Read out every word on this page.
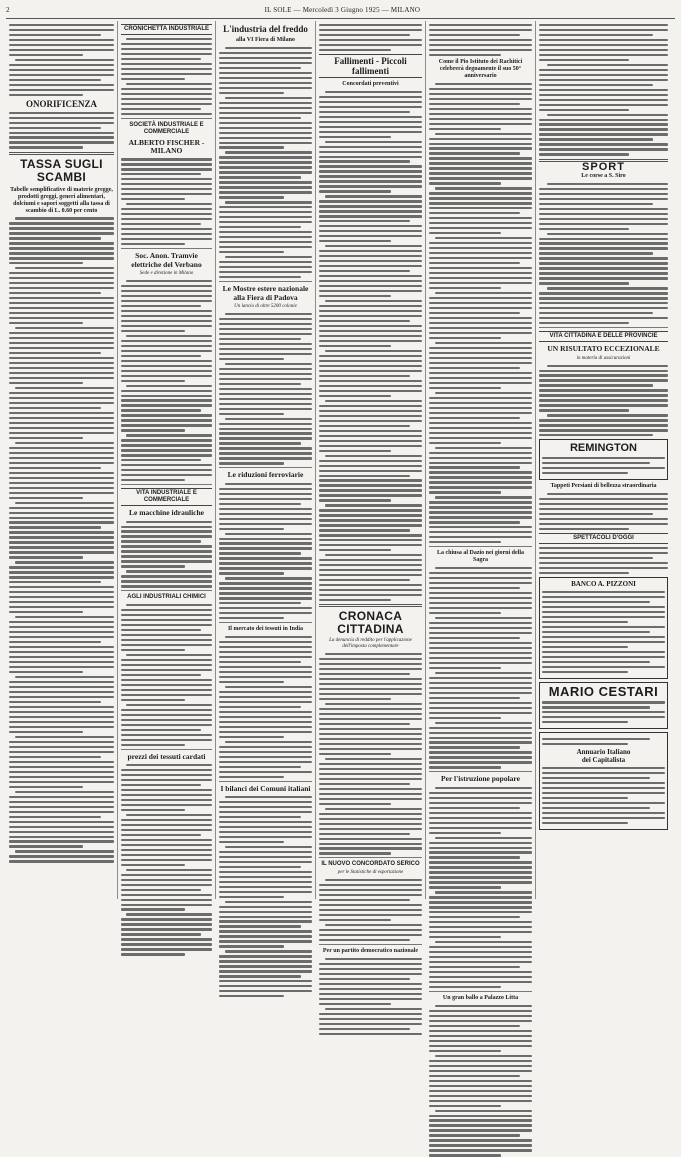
2	IL SOLE — Mercoledì 3 Giugno 1925 — MILANO
ONORIFICENZA
TASSA SUGLI SCAMBI
Tabelle semplificative di materie gregge, prodotti greggi, generi alimentari, dolciumi e sapori soggetti alla tassa di scambio di L. 0.60 per cento
CRONICHETTA INDUSTRIALE
SOCIETÀ INDUSTRIALE E COMMERCIALE
ALBERTO FISCHER - MILANO
Soc. Anon. Tramvie elettriche del Verbano
Sede e direzione in Milano
VITA INDUSTRIALE E COMMERCIALE
Le macchine idrauliche
AGLI INDUSTRIALI CHIMICI
prezzi dei tessuti cardati
L'industria del freddo
alla VI Fiera di Milano
Le Mostre estere nazionale alla Fiera di Padova
Un lancio di oltre 5200 colonie
Le riduzioni ferroviarie
Il mercato dei tessuti in India
I bilanci dei Comuni italiani
Fallimenti - Piccoli fallimenti
Concordati preventivi
CRONACA CITTADINA
La denuncia di reddito per l'applicazione dell'imposta complementare
IL NUOVO CONCORDATO SERICO
per le Statistiche di esportazione
Per un partito democratico nazionale
Come il Pio Istituto dei Rachitici celebrerà degnamente il suo 50° anniversario
La chiusa al Dazio nei giorni della Sagra
Per l'istruzione popolare
Un gran ballo a Palazzo Litta
SPORT
Le corse a S. Siro
VITA CITTADINA E DELLE PROVINCIE
UN RISULTATO ECCEZIONALE
in materia di assicurazioni
REMINGTON
Tappeti Persiani di bellezza straordinaria
SPETTACOLI D'OGGI
BANCO A. PIZZONI
MARIO CESTARI
Annuario Italiano
dei Capitalista
